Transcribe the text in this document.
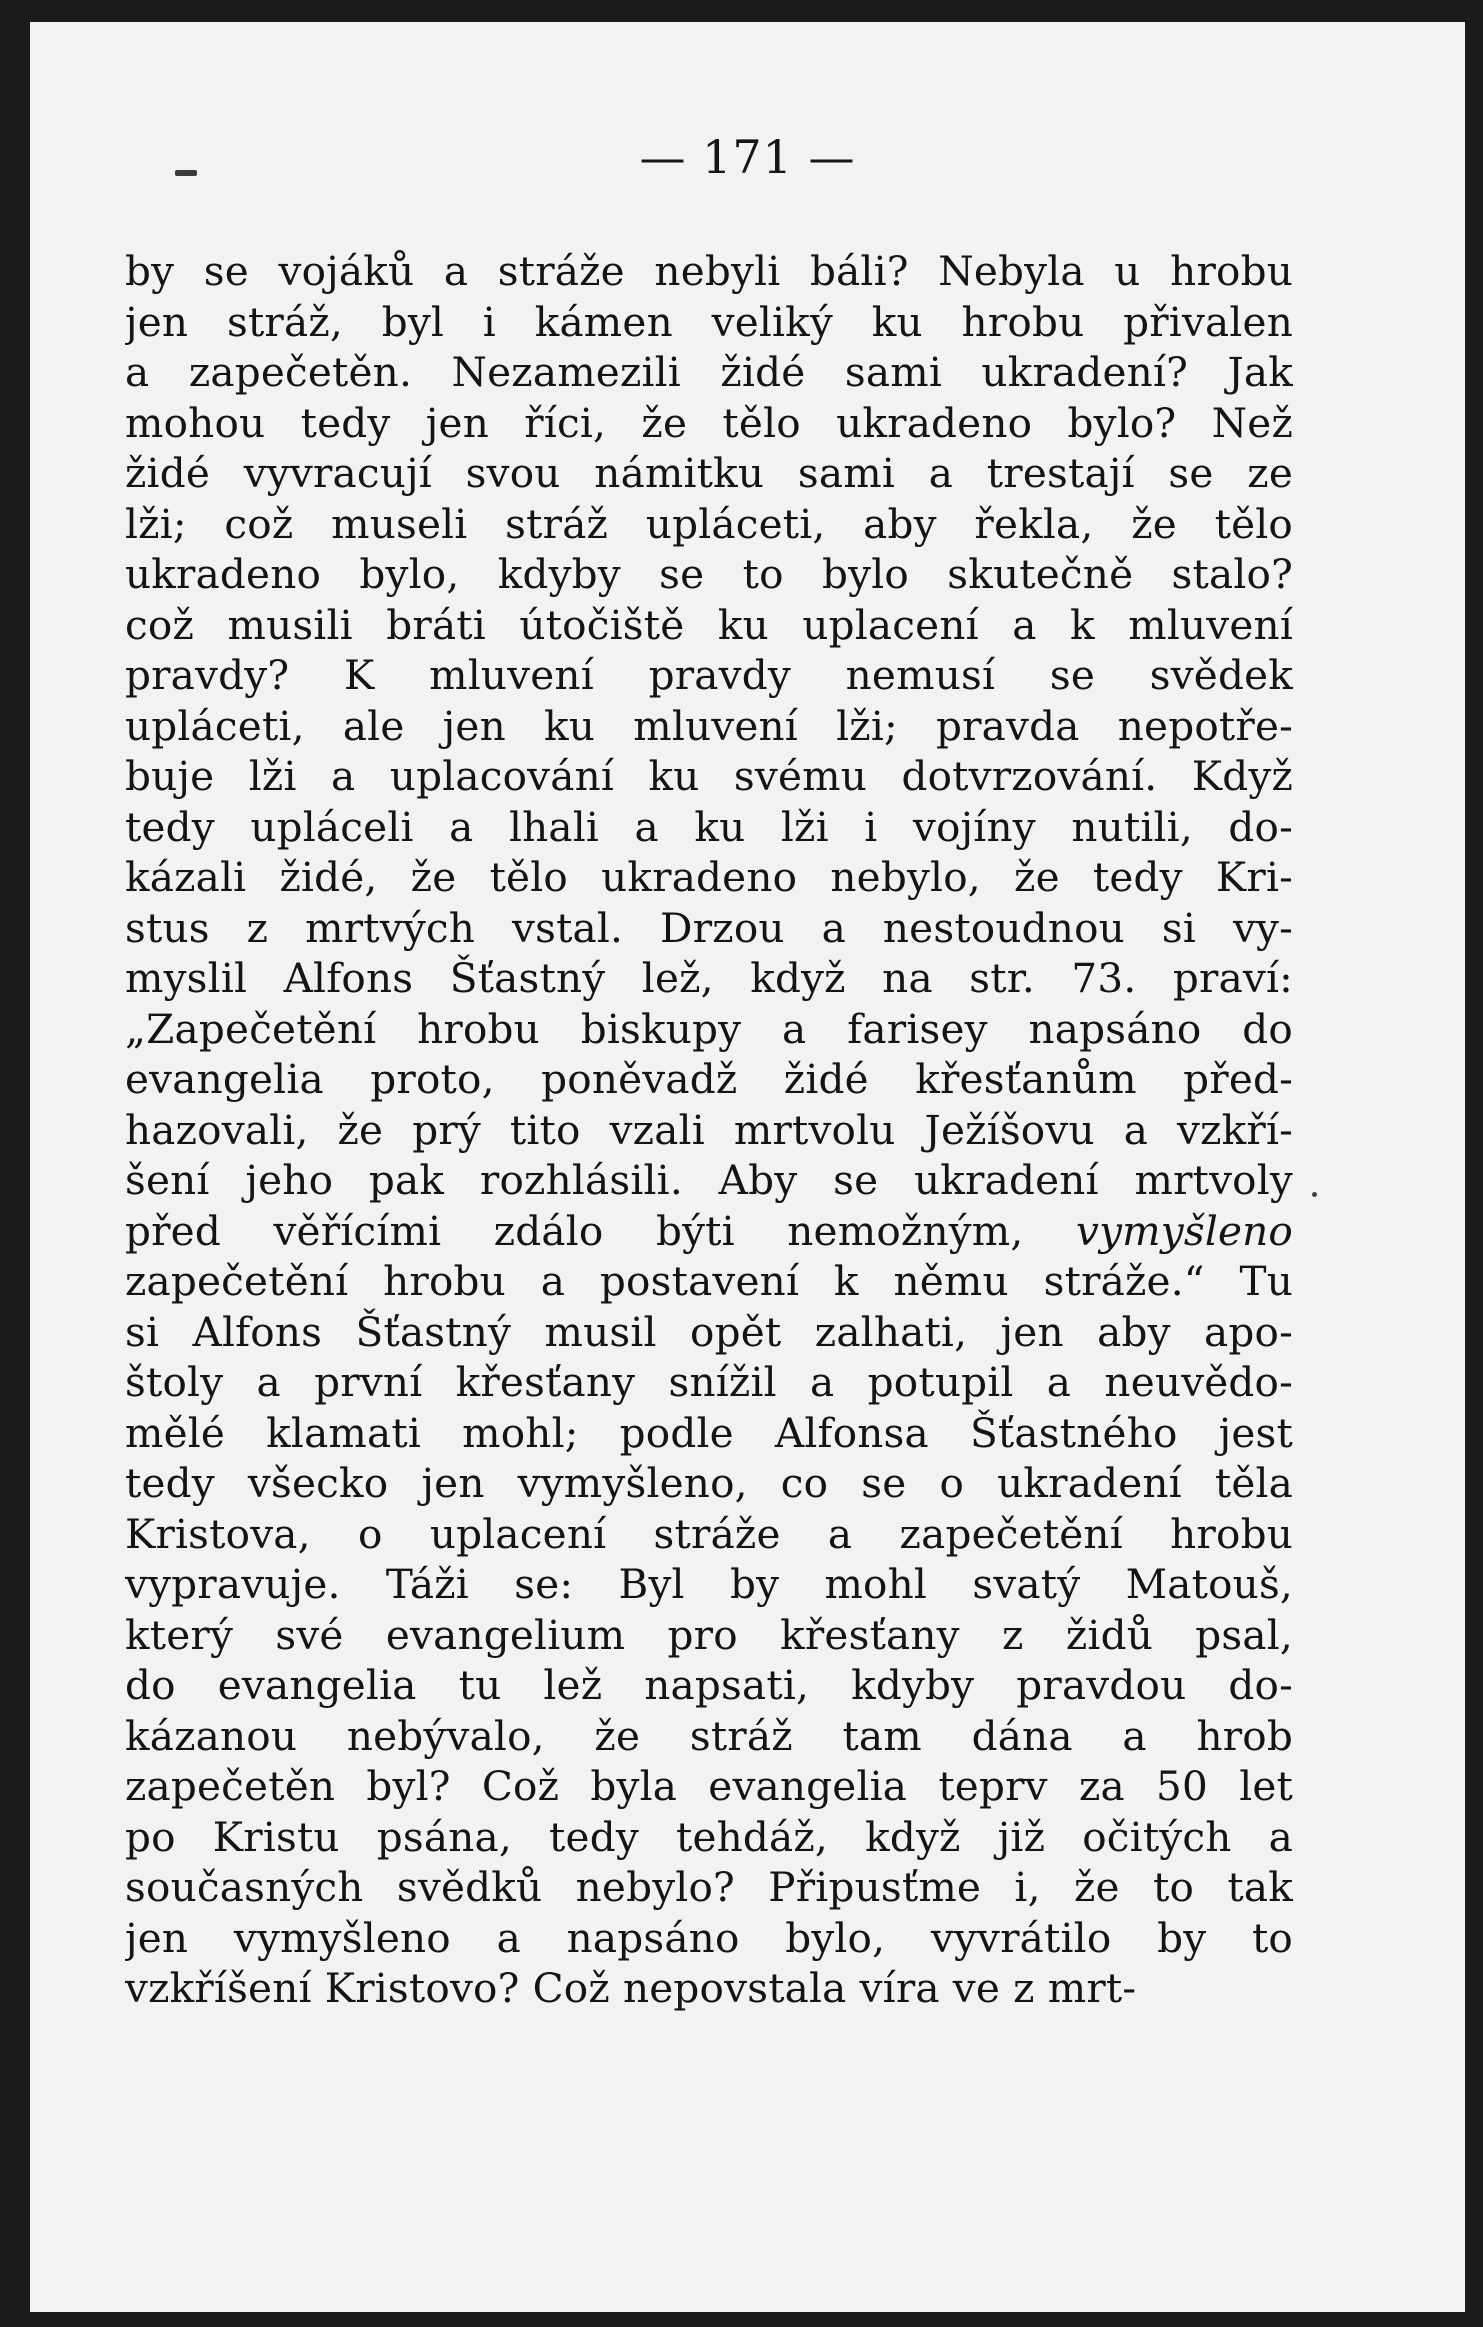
— 171 —
by se vojáků a stráže nebyli báli? Nebyla u hrobu
jen stráž, byl i kámen veliký ku hrobu přivalen
a zapečetěn. Nezamezili židé sami ukradení? Jak
mohou tedy jen říci, že tělo ukradeno bylo? Než
židé vyvracují svou námitku sami a trestají se ze
lži; což museli stráž upláceti, aby řekla, že tělo
ukradeno bylo, kdyby se to bylo skutečně stalo?
což musili bráti útočiště ku uplacení a k mluvení
pravdy? K mluvení pravdy nemusí se svědek
upláceti, ale jen ku mluvení lži; pravda nepotře-
buje lži a uplacování ku svému dotvrzování. Když
tedy upláceli a lhali a ku lži i vojíny nutili, do-
kázali židé, že tělo ukradeno nebylo, že tedy Kri-
stus z mrtvých vstal. Drzou a nestoudnou si vy-
myslil Alfons Šťastný lež, když na str. 73. praví:
„Zapečetění hrobu biskupy a farisey napsáno do
evangelia proto, poněvadž židé křesťanům před-
hazovali, že prý tito vzali mrtvolu Ježíšovu a vzkří-
šení jeho pak rozhlásili. Aby se ukradení mrtvoly
před věřícími zdálo býti nemožným, vymyšleno
zapečetění hrobu a postavení k němu stráže.“ Tu
si Alfons Šťastný musil opět zalhati, jen aby apo-
štoly a první křesťany snížil a potupil a neuvědo-
mělé klamati mohl; podle Alfonsa Šťastného jest
tedy všecko jen vymyšleno, co se o ukradení těla
Kristova, o uplacení stráže a zapečetění hrobu
vypravuje. Táži se: Byl by mohl svatý Matouš,
který své evangelium pro křesťany z židů psal,
do evangelia tu lež napsati, kdyby pravdou do-
kázanou nebývalo, že stráž tam dána a hrob
zapečetěn byl? Což byla evangelia teprv za 50 let
po Kristu psána, tedy tehdáž, když již očitých a
současných svědků nebylo? Připusťme i, že to tak
jen vymyšleno a napsáno bylo, vyvrátilo by to
vzkříšení Kristovo? Což nepovstala víra ve z mrt-
